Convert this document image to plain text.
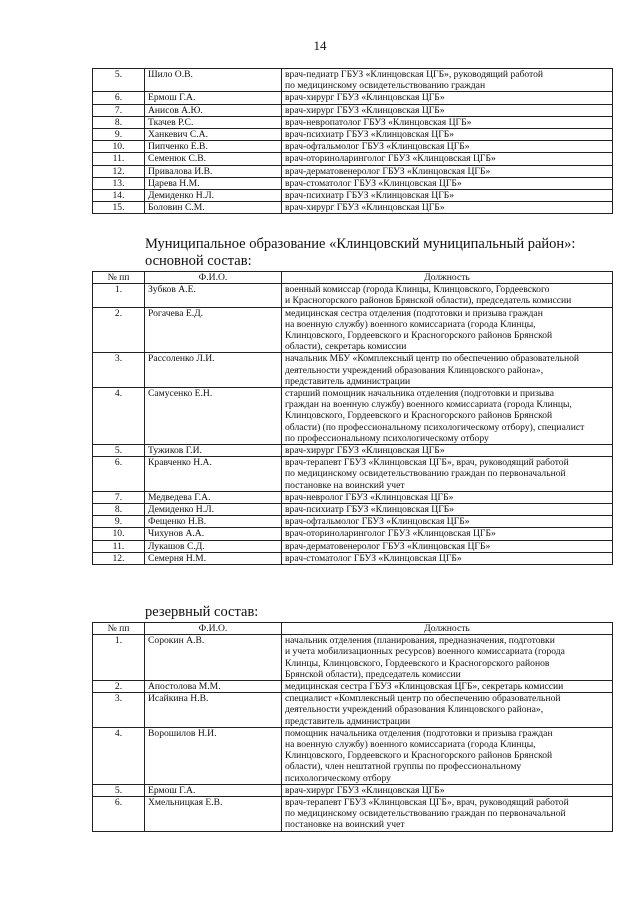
14
5.	Шило О.В.	врач-педиатр ГБУЗ «Клинцовская ЦГБ», руководящий работой
по медицинскому освидетельствованию граждан
6.	Ермош Г.А.	врач-хирург ГБУЗ «Клинцовская ЦГБ»
7.	Анисов А.Ю.	врач-хирург ГБУЗ «Клинцовская ЦГБ»
8.	Ткачев Р.С.	врач-невропатолог ГБУЗ «Клинцовская ЦГБ»
9.	Ханкевич С.А.	врач-психиатр ГБУЗ «Клинцовская ЦГБ»
10.	Пипченко Е.В.	врач-офтальмолог ГБУЗ «Клинцовская ЦГБ»
11.	Семенюк С.В.	врач-оториноларинголог ГБУЗ «Клинцовская ЦГБ»
12.	Привалова И.В.	врач-дерматовенеролог ГБУЗ «Клинцовская ЦГБ»
13.	Царева Н.М.	врач-стоматолог ГБУЗ «Клинцовская ЦГБ»
14.	Демиденко Н.Л.	врач-психиатр ГБУЗ «Клинцовская ЦГБ»
15.	Боловин С.М.	врач-хирург ГБУЗ «Клинцовская ЦГБ»
Муниципальное образование «Клинцовский муниципальный район»:
основной состав:
№ пп	Ф.И.О.	Должность
1.	Зубков А.Е.	военный комиссар (города Клинцы, Клинцовского, Гордеевского
и Красногорского районов Брянской области), председатель комиссии
2.	Рогачева Е.Д.	медицинская сестра отделения (подготовки и призыва граждан
на военную службу) военного комиссариата (города Клинцы,
Клинцовского, Гордеевского и Красногорского районов Брянской
области), секретарь комиссии
3.	Рассоленко Л.И.	начальник МБУ «Комплексный центр по обеспечению образовательной
деятельности учреждений образования Клинцовского района»,
представитель администрации
4.	Самусенко Е.Н.	старший помощник начальника отделения (подготовки и призыва
граждан на военную службу) военного комиссариата (города Клинцы,
Клинцовского, Гордеевского и Красногорского районов Брянской
области) (по профессиональному психологическому отбору), специалист
по профессиональному психологическому отбору
5.	Тужиков Г.И.	врач-хирург ГБУЗ «Клинцовская ЦГБ»
6.	Кравченко Н.А.	врач-терапевт ГБУЗ «Клинцовская ЦГБ», врач, руководящий работой
по медицинскому освидетельствованию граждан по первоначальной
постановке на воинский учет
7.	Медведева Г.А.	врач-невролог ГБУЗ «Клинцовская ЦГБ»
8.	Демиденко Н.Л.	врач-психиатр ГБУЗ «Клинцовская ЦГБ»
9.	Фещенко Н.В.	врач-офтальмолог ГБУЗ «Клинцовская ЦГБ»
10.	Чихунов А.А.	врач-оториноларинголог ГБУЗ «Клинцовская ЦГБ»
11.	Лукашов С.Д.	врач-дерматовенеролог ГБУЗ «Клинцовская ЦГБ»
12.	Семерня Н.М.	врач-стоматолог ГБУЗ «Клинцовская ЦГБ»
резервный состав:
№ пп	Ф.И.О.	Должность
1.	Сорокин А.В.	начальник отделения (планирования, предназначения, подготовки
и учета мобилизационных ресурсов) военного комиссариата (города
Клинцы, Клинцовского, Гордеевского и Красногорского районов
Брянской области), председатель комиссии
2.	Апостолова М.М.	медицинская сестра ГБУЗ «Клинцовская ЦГБ», секретарь комиссии
3.	Исайкина Н.В.	специалист «Комплексный центр по обеспечению образовательной
деятельности учреждений образования Клинцовского района»,
представитель администрации
4.	Ворошилов Н.И.	помощник начальника отделения (подготовки и призыва граждан
на военную службу) военного комиссариата (города Клинцы,
Клинцовского, Гордеевского и Красногорского районов Брянской
области), член нештатной группы по профессиональному
психологическому отбору
5.	Ермош Г.А.	врач-хирург ГБУЗ «Клинцовская ЦГБ»
6.	Хмельницкая Е.В.	врач-терапевт ГБУЗ «Клинцовская ЦГБ», врач, руководящий работой
по медицинскому освидетельствованию граждан по первоначальной
постановке на воинский учет
